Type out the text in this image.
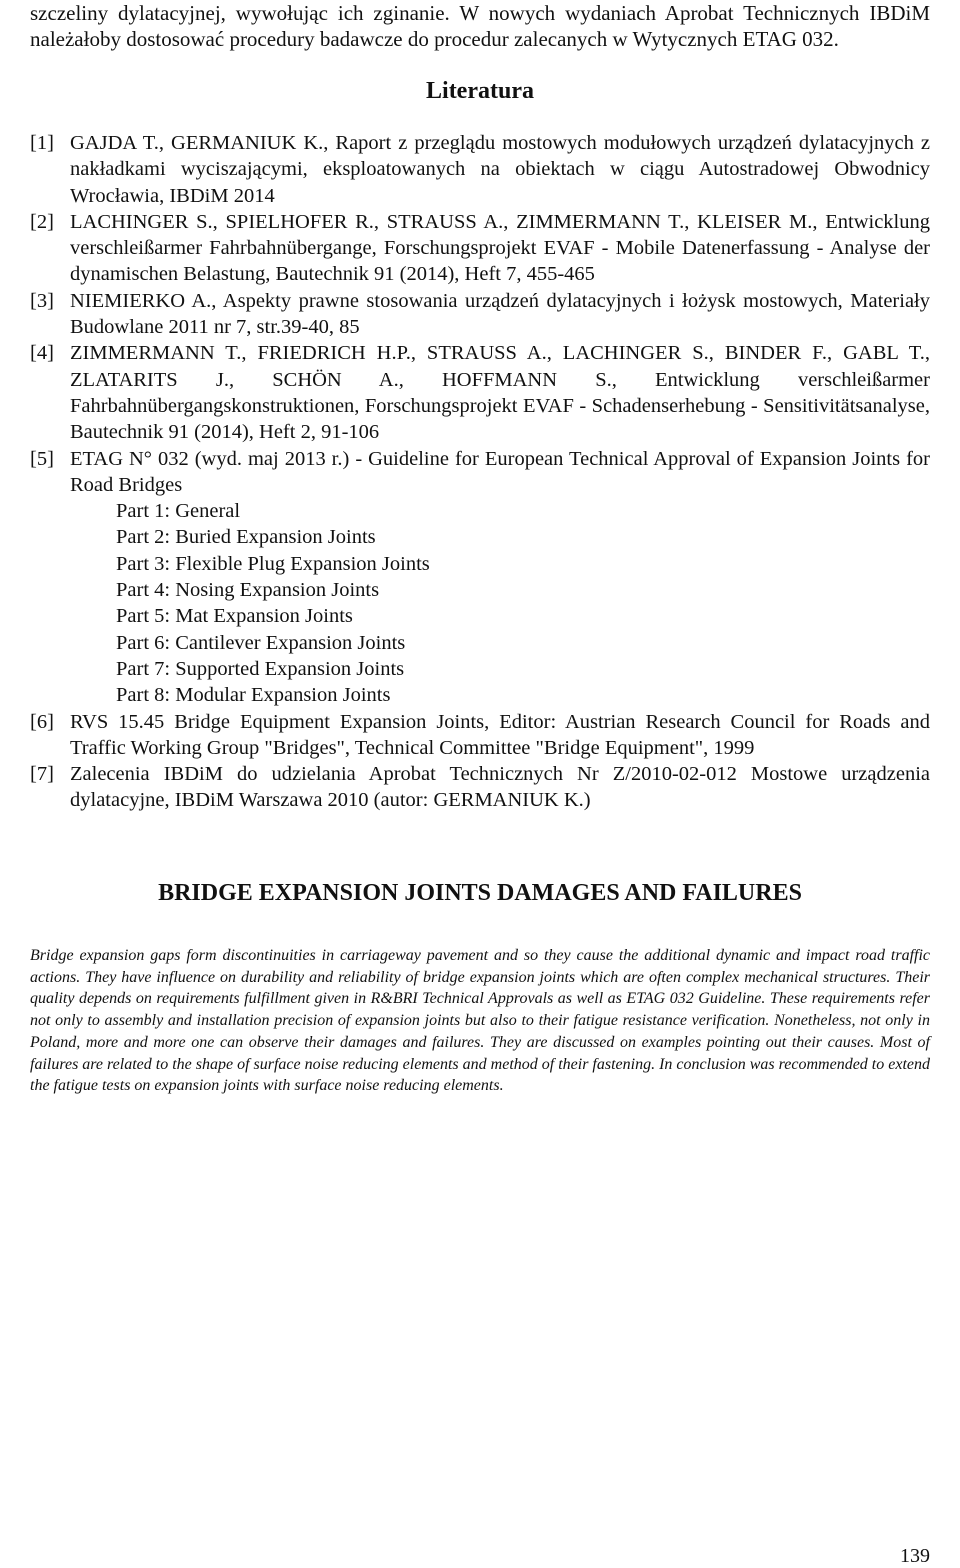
szczeliny dylatacyjnej, wywołując ich zginanie. W nowych wydaniach Aprobat Technicznych IBDiM należałoby dostosować procedury badawcze do procedur zalecanych w Wytycznych ETAG 032.

Literatura
[1] GAJDA T., GERMANIUK K., Raport z przeglądu mostowych modułowych urządzeń dylatacyjnych z nakładkami wyciszającymi, eksploatowanych na obiektach w ciągu Autostradowej Obwodnicy Wrocławia, IBDiM 2014
[2] LACHINGER S., SPIELHOFER R., STRAUSS A., ZIMMERMANN T., KLEISER M., Entwicklung verschleißarmer Fahrbahnübergange, Forschungsprojekt EVAF - Mobile Datenerfassung - Analyse der dynamischen Belastung, Bautechnik 91 (2014), Heft 7, 455-465
[3] NIEMIERKO A., Aspekty prawne stosowania urządzeń dylatacyjnych i łożysk mostowych, Materiały Budowlane 2011 nr 7, str.39-40, 85
[4] ZIMMERMANN T., FRIEDRICH H.P., STRAUSS A., LACHINGER S., BINDER F., GABL T., ZLATARITS J., SCHÖN A., HOFFMANN S., Entwicklung verschleißarmer Fahrbahnübergangskonstruktionen, Forschungsprojekt EVAF - Schadenserhebung - Sensitivitätsanalyse, Bautechnik 91 (2014), Heft 2, 91-106
[5] ETAG N° 032 (wyd. maj 2013 r.) - Guideline for European Technical Approval of Expansion Joints for Road Bridges
Part 1: General
Part 2: Buried Expansion Joints
Part 3: Flexible Plug Expansion Joints
Part 4: Nosing Expansion Joints
Part 5: Mat Expansion Joints
Part 6: Cantilever Expansion Joints
Part 7: Supported Expansion Joints
Part 8: Modular Expansion Joints
[6] RVS 15.45 Bridge Equipment Expansion Joints, Editor: Austrian Research Council for Roads and Traffic Working Group "Bridges", Technical Committee "Bridge Equipment", 1999
[7] Zalecenia IBDiM do udzielania Aprobat Technicznych Nr Z/2010-02-012 Mostowe urządzenia dylatacyjne, IBDiM Warszawa 2010 (autor: GERMANIUK K.)
BRIDGE EXPANSION JOINTS DAMAGES AND FAILURES

Bridge expansion gaps form discontinuities in carriageway pavement and so they cause the additional dynamic and impact road traffic actions. They have influence on durability and reliability of bridge expansion joints which are often complex mechanical structures. Their quality depends on requirements fulfillment given in R&BRI Technical Approvals as well as ETAG 032 Guideline. These requirements refer not only to assembly and installation precision of expansion joints but also to their fatigue resistance verification. Nonetheless, not only in Poland, more and more one can observe their damages and failures. They are discussed on examples pointing out their causes. Most of failures are related to the shape of surface noise reducing elements and method of their fastening. In conclusion was recommended to extend the fatigue tests on expansion joints with surface noise reducing elements.

139
